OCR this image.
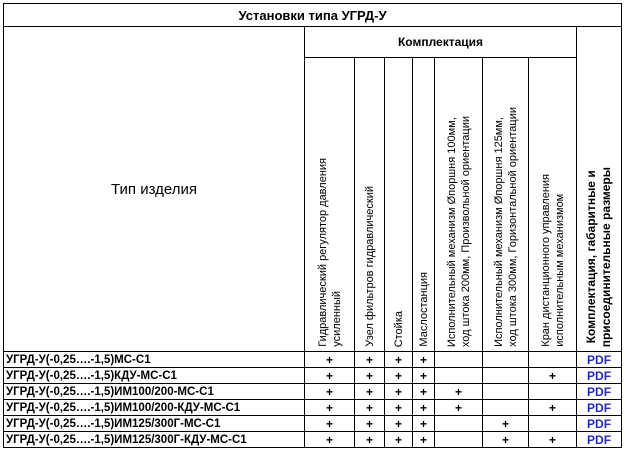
Установки типа УГРД-У								
Тип изделия	Комплектация							Комплектация, габаритные и
присоединительные размеры

	Гидравлический регулятор давления
усиленный	Узел фильтров гидравлический	Стойка	Маслостанция	Исполнительный механизм Øпоршня 100мм,
ход штока 200мм, Произвольной ориентации	Исполнительный механизм Øпоршня 125мм,
ход штока 300мм, Горизонтальной ориентации	Кран дистанционного управления
исполнительным механизмом	

УГРД-У(-0,25….-1,5)МС-С1	+	+	+	+				PDF
УГРД-У(-0,25….-1,5)КДУ-МС-С1	+	+	+	+			+	PDF
УГРД-У(-0,25….-1,5)ИМ100/200-МС-С1	+	+	+	+	+			PDF
УГРД-У(-0,25….-1,5)ИМ100/200-КДУ-МС-С1	+	+	+	+	+		+	PDF
УГРД-У(-0,25….-1,5)ИМ125/300Г-МС-С1	+	+	+	+		+		PDF
УГРД-У(-0,25….-1,5)ИМ125/300Г-КДУ-МС-С1	+	+	+	+		+	+	PDF
